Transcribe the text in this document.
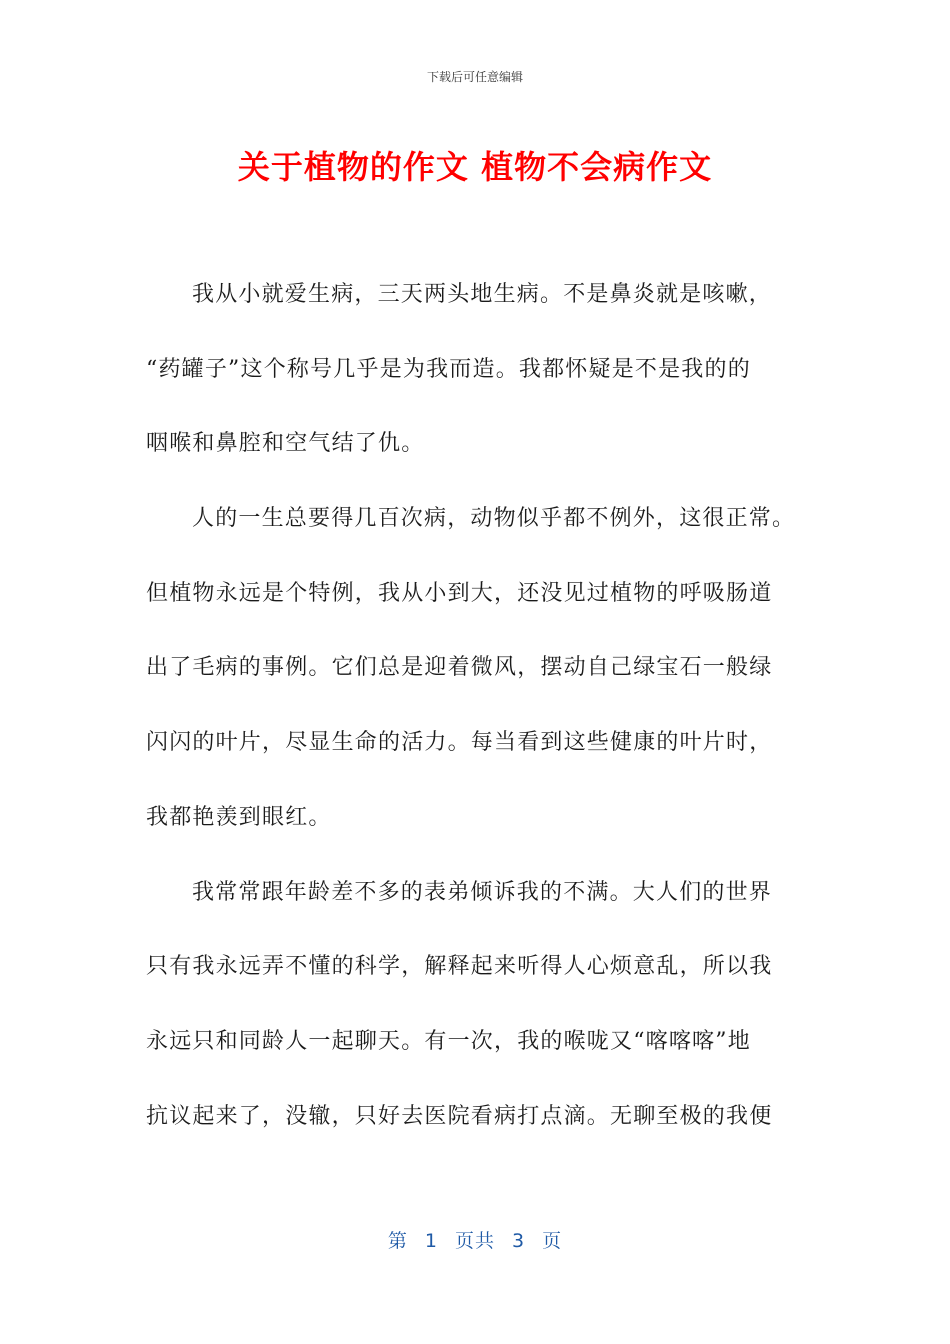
下载后可任意编辑
关于植物的作文 植物不会病作文
我从小就爱生病，三天两头地生病。不是鼻炎就是咳嗽，
“药罐子”这个称号几乎是为我而造。我都怀疑是不是我的的
咽喉和鼻腔和空气结了仇。
人的一生总要得几百次病，动物似乎都不例外，这很正常。
但植物永远是个特例，我从小到大，还没见过植物的呼吸肠道
出了毛病的事例。它们总是迎着微风，摆动自己绿宝石一般绿
闪闪的叶片，尽显生命的活力。每当看到这些健康的叶片时，
我都艳羡到眼红。
我常常跟年龄差不多的表弟倾诉我的不满。大人们的世界
只有我永远弄不懂的科学，解释起来听得人心烦意乱，所以我
永远只和同龄人一起聊天。有一次，我的喉咙又“喀喀喀”地
抗议起来了，没辙，只好去医院看病打点滴。无聊至极的我便
第 1 页共 3 页
